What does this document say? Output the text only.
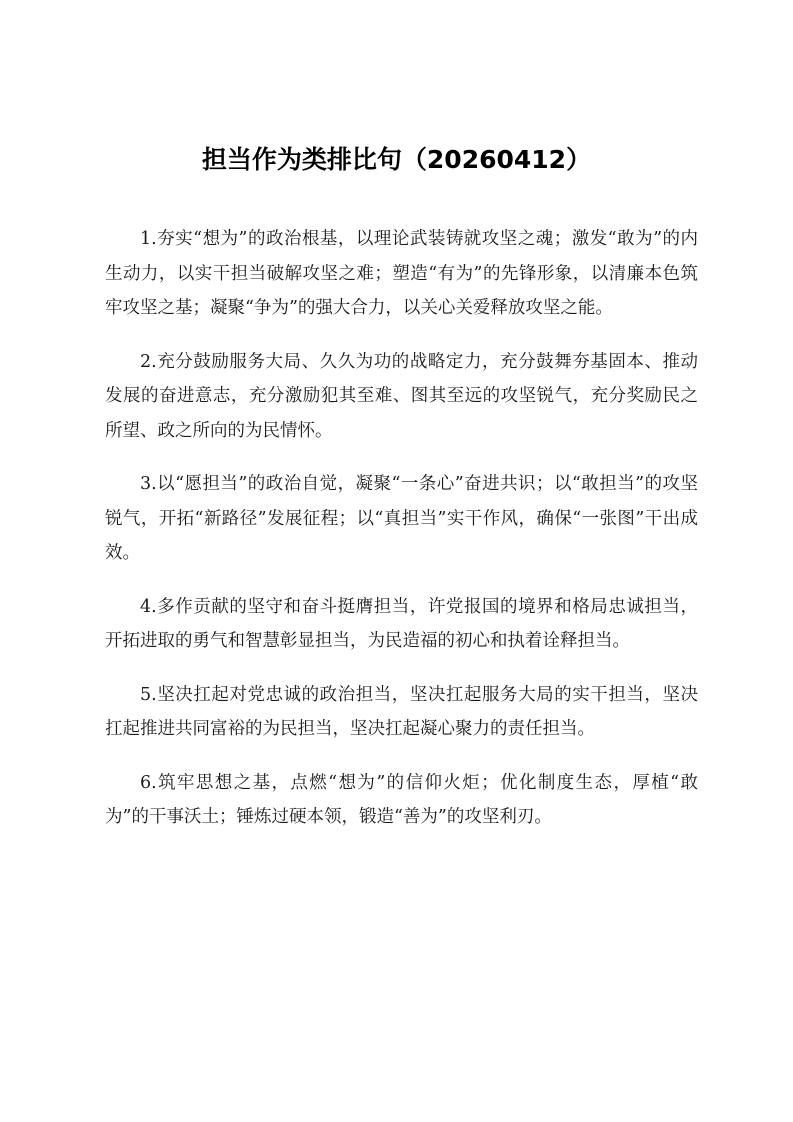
担当作为类排比句（20260412）

1.夯实“想为”的政治根基，以理论武装铸就攻坚之魂；激发“敢为”的内生动力，以实干担当破解攻坚之难；塑造“有为”的先锋形象，以清廉本色筑牢攻坚之基；凝聚“争为”的强大合力，以关心关爱释放攻坚之能。

2.充分鼓励服务大局、久久为功的战略定力，充分鼓舞夯基固本、推动发展的奋进意志，充分激励犯其至难、图其至远的攻坚锐气，充分奖励民之所望、政之所向的为民情怀。

3.以“愿担当”的政治自觉，凝聚“一条心”奋进共识；以“敢担当”的攻坚锐气，开拓“新路径”发展征程；以“真担当”实干作风，确保“一张图”干出成效。

4.多作贡献的坚守和奋斗挺膺担当，许党报国的境界和格局忠诚担当，开拓进取的勇气和智慧彰显担当，为民造福的初心和执着诠释担当。

5.坚决扛起对党忠诚的政治担当，坚决扛起服务大局的实干担当，坚决扛起推进共同富裕的为民担当，坚决扛起凝心聚力的责任担当。

6.筑牢思想之基，点燃“想为”的信仰火炬；优化制度生态，厚植“敢为”的干事沃土；锤炼过硬本领，锻造“善为”的攻坚利刃。
